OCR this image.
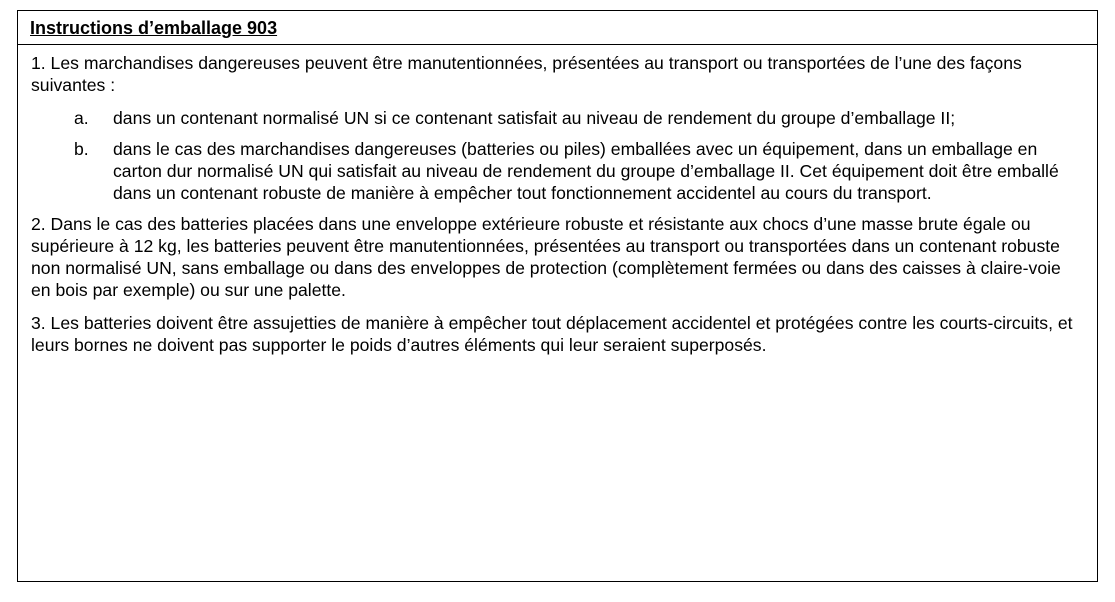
Instructions d’emballage 903

1. Les marchandises dangereuses peuvent être manutentionnées, présentées au transport ou transportées de l’une des façons suivantes :

a. dans un contenant normalisé UN si ce contenant satisfait au niveau de rendement du groupe d’emballage II;
b. dans le cas des marchandises dangereuses (batteries ou piles) emballées avec un équipement, dans un emballage en carton dur normalisé UN qui satisfait au niveau de rendement du groupe d’emballage II. Cet équipement doit être emballé dans un contenant robuste de manière à empêcher tout fonctionnement accidentel au cours du transport.

2. Dans le cas des batteries placées dans une enveloppe extérieure robuste et résistante aux chocs d’une masse brute égale ou supérieure à 12 kg, les batteries peuvent être manutentionnées, présentées au transport ou transportées dans un contenant robuste non normalisé UN, sans emballage ou dans des enveloppes de protection (complètement fermées ou dans des caisses à claire-voie en bois par exemple) ou sur une palette.

3. Les batteries doivent être assujetties de manière à empêcher tout déplacement accidentel et protégées contre les courts-circuits, et leurs bornes ne doivent pas supporter le poids d’autres éléments qui leur seraient superposés.
